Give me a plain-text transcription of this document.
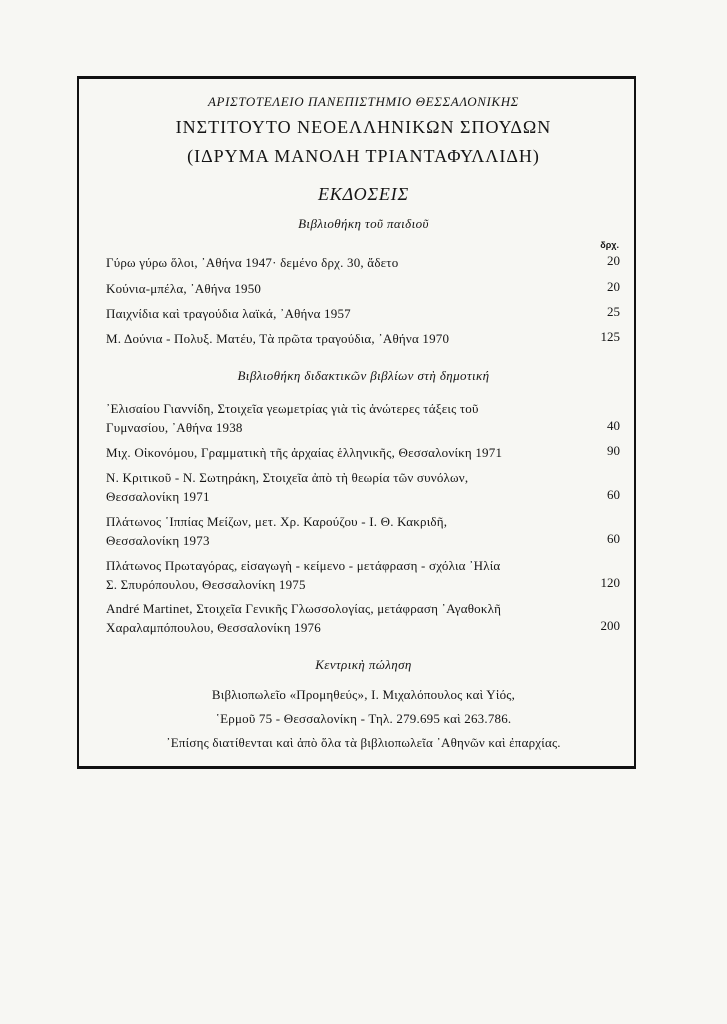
ΑΡΙΣΤΟΤΕΛΕΙΟ ΠΑΝΕΠΙΣΤΗΜΙΟ ΘΕΣΣΑΛΟΝΙΚΗΣ
ΙΝΣΤΙΤΟΥΤΟ ΝΕΟΕΛΛΗΝΙΚΩΝ ΣΠΟΥΔΩΝ
(ΙΔΡΥΜΑ ΜΑΝΟΛΗ ΤΡΙΑΝΤΑΦΥΛΛΙΔΗ)
ΕΚΔΟΣΕΙΣ
Βιβλιοθήκη τοῦ παιδιοῦ
δρχ.
Γύρω γύρω ὅλοι, ᾽Αθήνα 1947· δεμένο δρχ. 30, ἄδετο	20
Κούνια-μπέλα, ᾽Αθήνα 1950	20
Παιχνίδια καὶ τραγούδια λαϊκά, ᾽Αθήνα 1957	25
Μ. Δούνια - Πολυξ. Ματέυ, Τὰ πρῶτα τραγούδια, ᾽Αθήνα 1970	125
Βιβλιοθήκη διδακτικῶν βιβλίων στὴ δημοτική
᾽Ελισαίου Γιαννίδη, Στοιχεῖα γεωμετρίας γιὰ τὶς ἀνώτερες τάξεις τοῦ
Γυμνασίου, ᾽Αθήνα 1938	40
Μιχ. Οἰκονόμου, Γραμματικὴ τῆς ἀρχαίας ἑλληνικῆς, Θεσσαλονίκη 1971	90
Ν. Κριτικοῦ - Ν. Σωτηράκη, Στοιχεῖα ἀπὸ τὴ θεωρία τῶν συνόλων,
Θεσσαλονίκη 1971	60
Πλάτωνος ῾Ιππίας Μείζων, μετ. Χρ. Καρούζου - Ι. Θ. Κακριδῆ,
Θεσσαλονίκη 1973	60
Πλάτωνος Πρωταγόρας, εἰσαγωγὴ - κείμενο - μετάφραση - σχόλια ᾽Ηλία
Σ. Σπυρόπουλου, Θεσσαλονίκη 1975	120
André Martinet, Στοιχεῖα Γενικῆς Γλωσσολογίας, μετάφραση ᾽Αγαθοκλῆ
Χαραλαμπόπουλου, Θεσσαλονίκη 1976	200
Κεντρικὴ πώληση
Βιβλιοπωλεῖο «Προμηθεύς», Ι. Μιχαλόπουλος καὶ Υἱός,
῾Ερμοῦ 75 - Θεσσαλονίκη - Τηλ. 279.695 καὶ 263.786.
᾽Επίσης διατίθενται καὶ ἀπὸ ὅλα τὰ βιβλιοπωλεῖα ᾽Αθηνῶν καὶ ἐπαρχίας.
